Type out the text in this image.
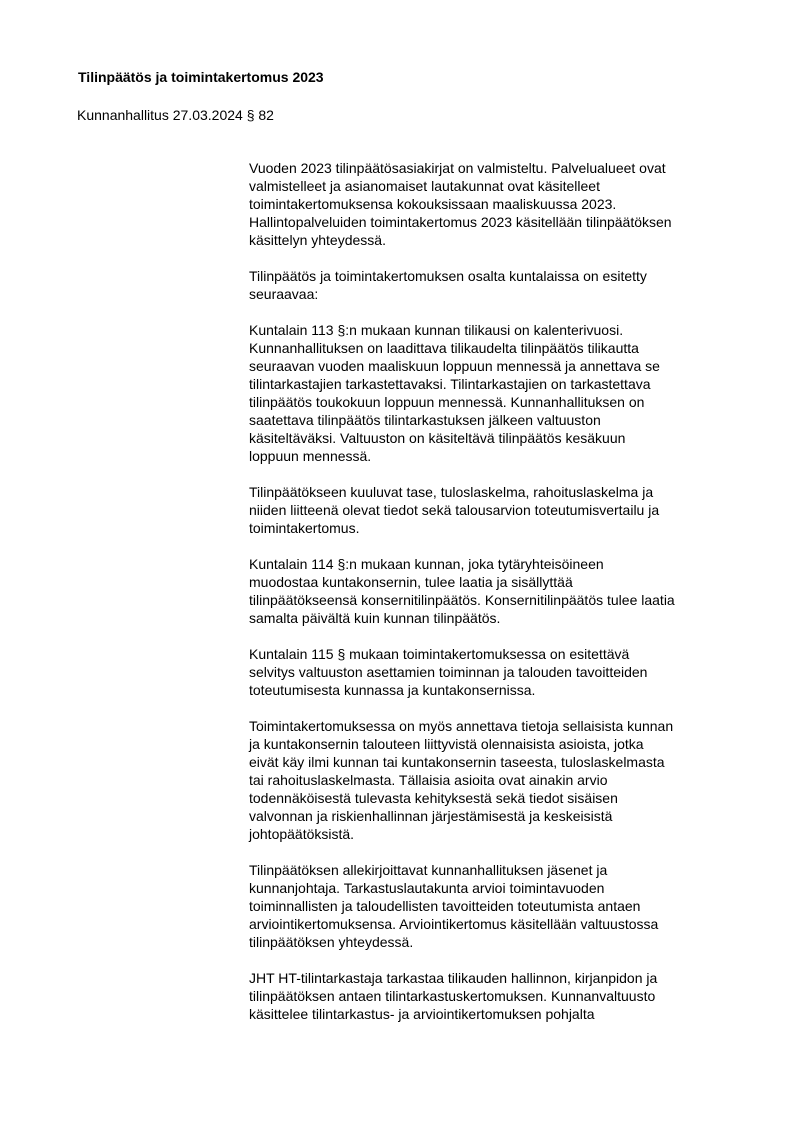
Tilinpäätös ja toimintakertomus 2023
Kunnanhallitus 27.03.2024 § 82
Vuoden 2023 tilinpäätösasiakirjat on valmisteltu. Palvelualueet ovat
valmistelleet ja asianomaiset lautakunnat ovat käsitelleet
toimintakertomuksensa kokouksissaan maaliskuussa 2023.
Hallintopalveluiden toimintakertomus 2023 käsitellään tilinpäätöksen
käsittelyn yhteydessä.
Tilinpäätös ja toimintakertomuksen osalta kuntalaissa on esitetty
seuraavaa:
Kuntalain 113 §:n mukaan kunnan tilikausi on kalenterivuosi.
Kunnanhallituksen on laadittava tilikaudelta tilinpäätös tilikautta
seuraavan vuoden maaliskuun loppuun mennessä ja annettava se
tilintarkastajien tarkastettavaksi. Tilintarkastajien on tarkastettava
tilinpäätös toukokuun loppuun mennessä. Kunnanhallituksen on
saatettava tilinpäätös tilintarkastuksen jälkeen valtuuston
käsiteltäväksi. Valtuuston on käsiteltävä tilinpäätös kesäkuun
loppuun mennessä.
Tilinpäätökseen kuuluvat tase, tuloslaskelma, rahoituslaskelma ja
niiden liitteenä olevat tiedot sekä talousarvion toteutumisvertailu ja
toimintakertomus.
Kuntalain 114 §:n mukaan kunnan, joka tytäryhteisöineen
muodostaa kuntakonsernin, tulee laatia ja sisällyttää
tilinpäätökseensä konsernitilinpäätös. Konsernitilinpäätös tulee laatia
samalta päivältä kuin kunnan tilinpäätös.
Kuntalain 115 § mukaan toimintakertomuksessa on esitettävä
selvitys valtuuston asettamien toiminnan ja talouden tavoitteiden
toteutumisesta kunnassa ja kuntakonsernissa.
Toimintakertomuksessa on myös annettava tietoja sellaisista kunnan
ja kuntakonsernin talouteen liittyvistä olennaisista asioista, jotka
eivät käy ilmi kunnan tai kuntakonsernin taseesta, tuloslaskelmasta
tai rahoituslaskelmasta. Tällaisia asioita ovat ainakin arvio
todennäköisestä tulevasta kehityksestä sekä tiedot sisäisen
valvonnan ja riskienhallinnan järjestämisestä ja keskeisistä
johtopäätöksistä.
Tilinpäätöksen allekirjoittavat kunnanhallituksen jäsenet ja
kunnanjohtaja. Tarkastuslautakunta arvioi toimintavuoden
toiminnallisten ja taloudellisten tavoitteiden toteutumista antaen
arviointikertomuksensa. Arviointikertomus käsitellään valtuustossa
tilinpäätöksen yhteydessä.
JHT HT-tilintarkastaja tarkastaa tilikauden hallinnon, kirjanpidon ja
tilinpäätöksen antaen tilintarkastuskertomuksen. Kunnanvaltuusto
käsittelee tilintarkastus- ja arviointikertomuksen pohjalta
